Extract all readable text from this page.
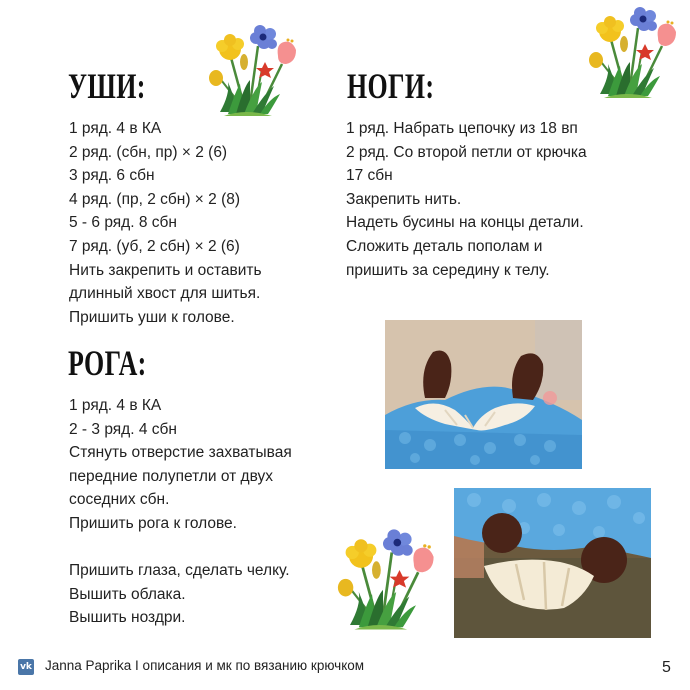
УШИ:
1 ряд. 4 в КА
2 ряд. (сбн, пр) × 2 (6)
3 ряд. 6 сбн
4 ряд. (пр, 2 сбн) × 2 (8)
5 - 6 ряд. 8 сбн
7 ряд. (уб, 2 сбн) × 2 (6)
Нить закрепить и оставить
длинный хвост для шитья.
Пришить уши к голове.
НОГИ:
1 ряд. Набрать цепочку из 18 вп
2 ряд. Со второй петли от крючка
17 сбн
Закрепить нить.
Надеть бусины на концы детали.
Сложить деталь пополам и
пришить за середину к телу.
РОГА:
1 ряд. 4 в КА
2 - 3 ряд. 4 сбн
Стянуть отверстие захватывая
передние полупетли от двух
соседних сбн.
Пришить рога к голове.
Пришить глаза, сделать челку.
Вышить облака.
Вышить ноздри.
vk Janna Paprika I описания и мк по вязанию крючком	5
